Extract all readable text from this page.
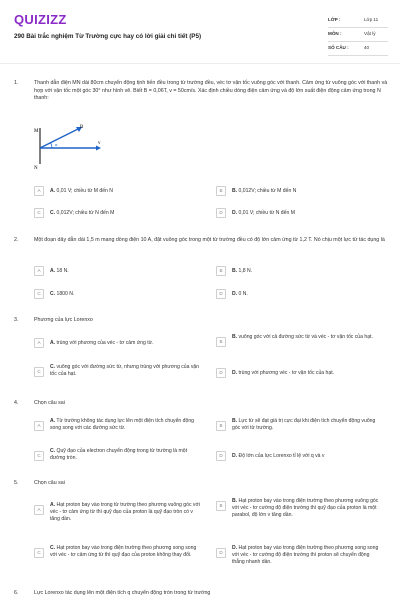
QUIZIZZ
290 Bài trắc nghiệm Từ Trường cực hay có lời giải chi tiết (P5)
LỚP :	Lớp 11
MÔN :	Vật lý
SỐ CÂU :	40
1.	Thanh dẫn điện MN dài 80cm chuyển động tịnh tiến đều trong từ trường đều, véc tơ vận tốc vuông góc với thanh. Cảm ứng từ vuông góc với thanh và hợp với vận tốc một góc 30° như hình vẽ. Biết B = 0,06T, v = 50cm/s. Xác định chiều dòng điện cảm ứng và độ lớn suất điện động cảm ứng trong N thanh:
M
N
B
α	v
A	A. 0,01 V; chiều từ M đến N	B	B. 0,012V; chiều từ M đến N
C	C. 0,012V; chiều từ N đến M	D	D. 0,01 V; chiều từ N đến M
2.	Một đoạn dây dẫn dài 1,5 m mang dòng điện 10 A, đặt vuông góc trong một từ trường đều có độ lớn cảm ứng từ 1,2 T. Nó chịu một lực từ tác dụng là
A	A. 18 N.	B	B. 1,8 N.
C	C. 1800 N.	D	D. 0 N.
3.	Phương của lực Lorenxo
A	A. trùng với phương của véc - tơ cảm ứng từ.	B
B. vuông góc với cả đường sức từ và véc - tơ vận tốc của hạt.
C
C. vuông góc với đường sức từ, nhưng trùng với phương của vận tốc của hạt.	D	D. trùng với phương véc - tơ vận tốc của hạt.
4.	Chọn câu sai
A
A. Từ trường không tác dụng lực lên một điện tích chuyển động song song với các đường sức từ.	B
B. Lực từ sẽ đạt giá trị cực đại khi điện tích chuyển động vuông góc với từ trường.
C
C. Quỹ đạo của electron chuyển động trong từ trường là một đường tròn.	D	D. Độ lớn của lực Lorenxo tỉ lệ với q và v
5.	Chọn câu sai
A
A. Hạt proton bay vào trong từ trường theo phương vuông góc với véc - tơ cảm ứng từ thì quỹ đạo của proton là quỹ đạo tròn có v tăng dần.
B
B. Hạt proton bay vào trong điện trường theo phương vuông góc với véc - tơ cường độ điện trường thì quỹ đạo của proton là một parabol, độ lớn v tăng dần.
C
C. Hạt proton bay vào trong điện trường theo phương song song với véc - tơ cảm ứng từ thì quỹ đạo của proton không thay đổi.	D
D. Hạt proton bay vào trong điện trường theo phương song song với véc - tơ cường độ điện trường thì proton sẽ chuyển động thẳng nhanh dần.
6.	Lực Lorenxo tác dụng lên một điện tích q chuyển động tròn trong từ trường
